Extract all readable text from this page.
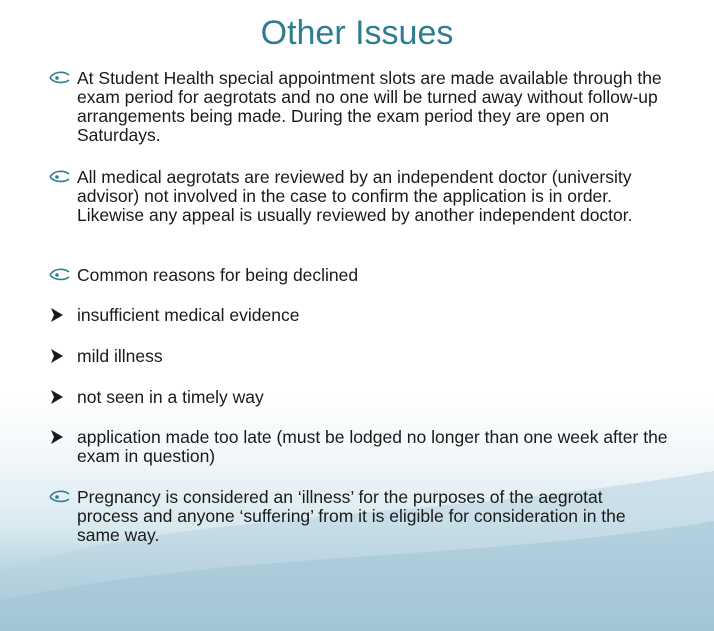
Other Issues
At Student Health special appointment slots are made available through the exam period for aegrotats and no one will be turned away without follow-up arrangements being made. During the exam period they are open on Saturdays.
All medical aegrotats are reviewed by an independent doctor (university advisor) not involved in the case to confirm the application is in order. Likewise any appeal is usually reviewed by another independent doctor.
Common reasons for being declined
insufficient medical evidence
mild illness
not seen in a timely way
application made too late (must be lodged no longer than one week after the exam in question)
Pregnancy is considered an ‘illness’ for the purposes of the aegrotat process and anyone ‘suffering’ from it is eligible for consideration in the same way.
